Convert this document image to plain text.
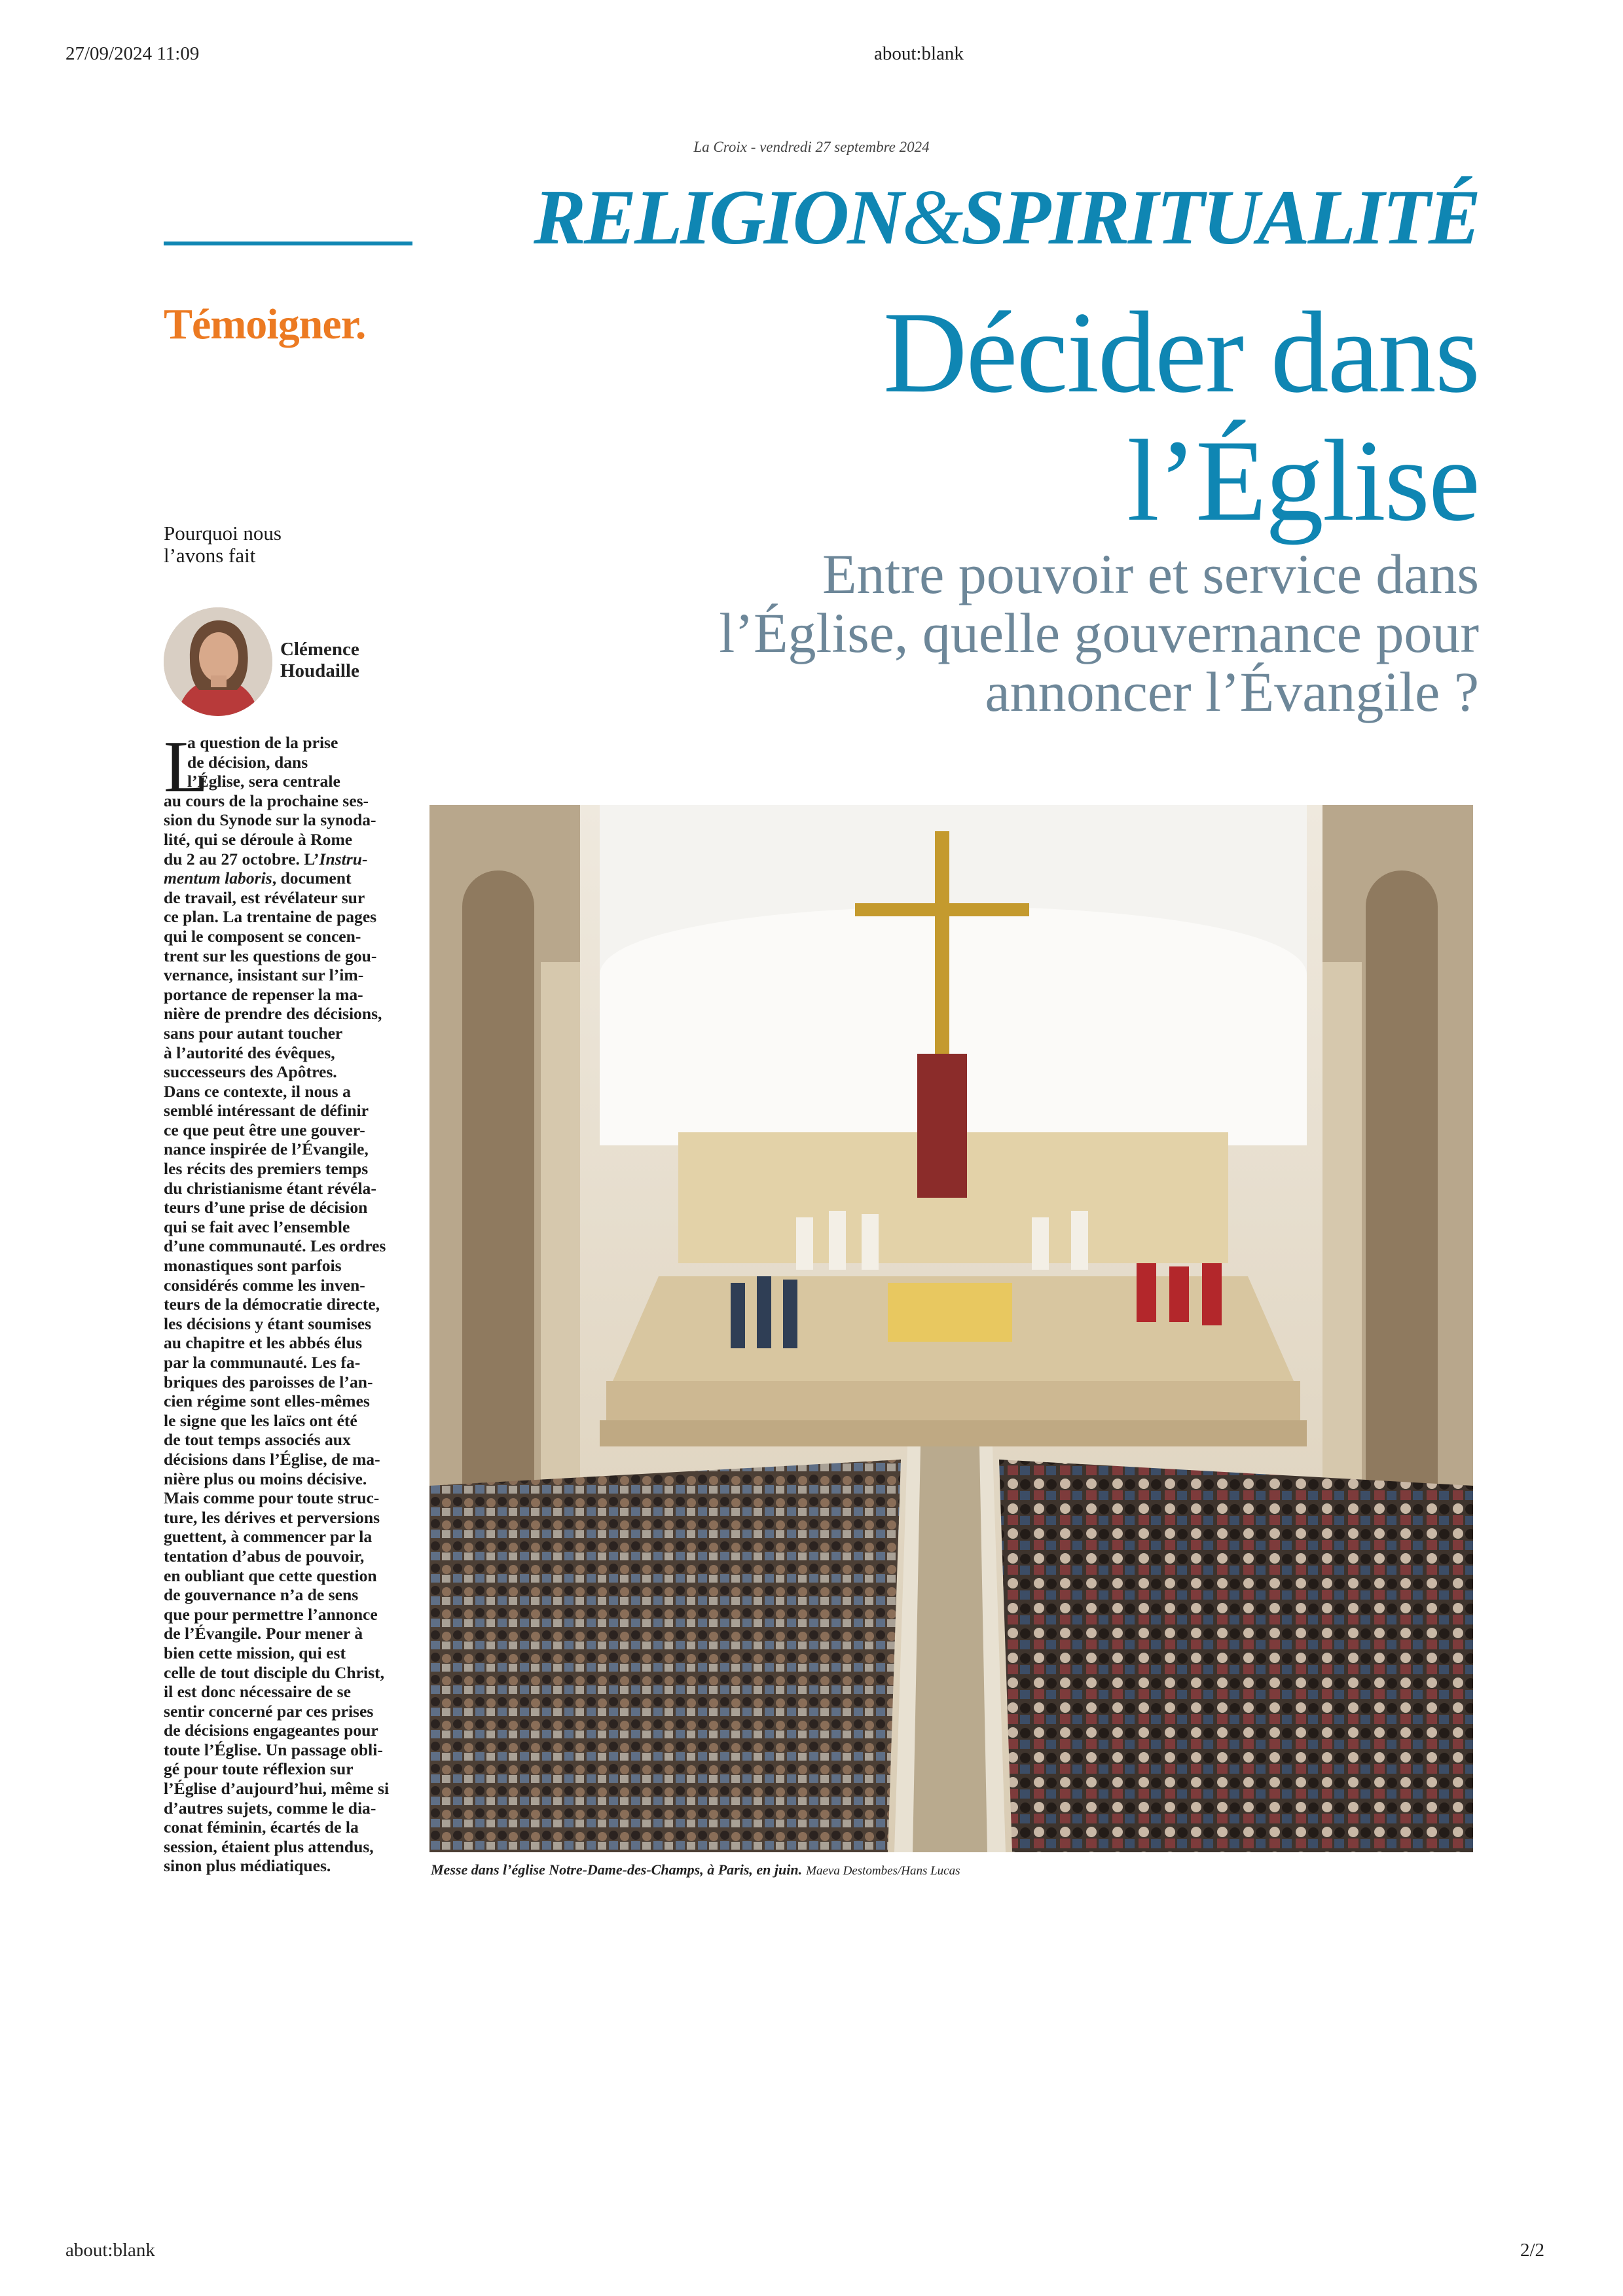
27/09/2024 11:09	about:blank
La Croix - vendredi 27 septembre 2024
RELIGION&SPIRITUALITÉ
Témoigner.	Décider dans
l’Église
Entre pouvoir et service dans
l’Église, quelle gouvernance pour
annoncer l’Évangile ?
Pourquoi nous
l’avons fait
Clémence
Houdaille
L
a question de la prise
de décision, dans
l’Église, sera centrale
au cours de la prochaine ses-
sion du Synode sur la synoda-
lité, qui se déroule à Rome
du 2 au 27 octobre. L’Instru-
mentum laboris, document
de travail, est révélateur sur
ce plan. La trentaine de pages
qui le composent se concen-
trent sur les questions de gou-
vernance, insistant sur l’im-
portance de repenser la ma-
nière de prendre des décisions,
sans pour autant toucher
à l’autorité des évêques,
successeurs des Apôtres.
Dans ce contexte, il nous a
semblé intéressant de définir
ce que peut être une gouver-
nance inspirée de l’Évangile,
les récits des premiers temps
du christianisme étant révéla-
teurs d’une prise de décision
qui se fait avec l’ensemble
d’une communauté. Les ordres
monastiques sont parfois
considérés comme les inven-
teurs de la démocratie directe,
les décisions y étant soumises
au chapitre et les abbés élus
par la communauté. Les fa-
briques des paroisses de l’an-
cien régime sont elles-mêmes
le signe que les laïcs ont été
de tout temps associés aux
décisions dans l’Église, de ma-
nière plus ou moins décisive.
Mais comme pour toute struc-
ture, les dérives et perversions
guettent, à commencer par la
tentation d’abus de pouvoir,
en oubliant que cette question
de gouvernance n’a de sens
que pour permettre l’annonce
de l’Évangile. Pour mener à
bien cette mission, qui est
celle de tout disciple du Christ,
il est donc nécessaire de se
sentir concerné par ces prises
de décisions engageantes pour
toute l’Église. Un passage obli-
gé pour toute réflexion sur
l’Église d’aujourd’hui, même si
d’autres sujets, comme le dia-
conat féminin, écartés de la
session, étaient plus attendus,
sinon plus médiatiques.	Messe dans l’église Notre-Dame-des-Champs, à Paris, en juin. Maeva Destombes/Hans Lucas
about:blank	2/2
